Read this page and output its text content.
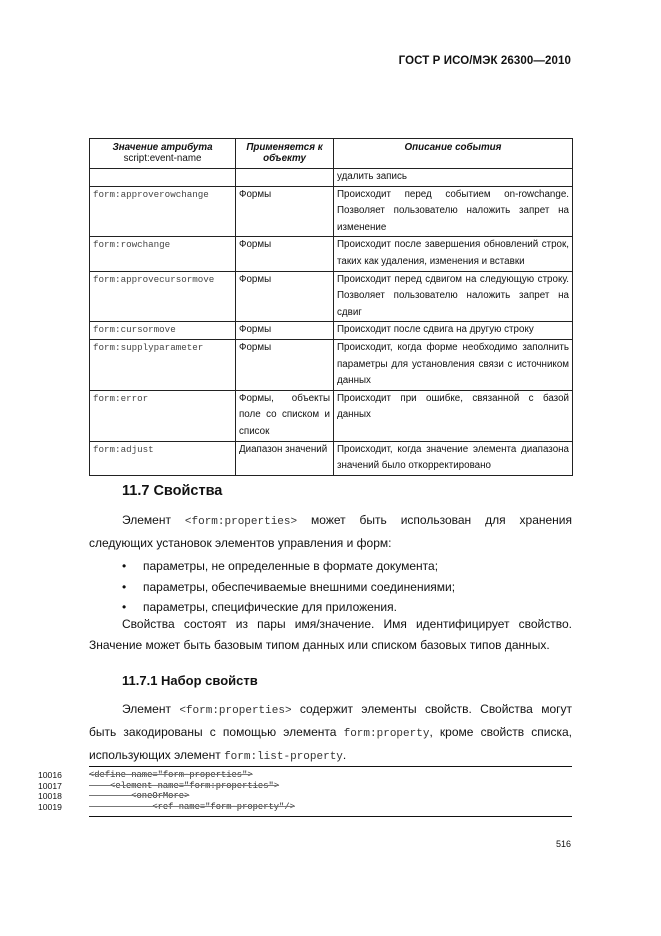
ГОСТ Р ИСО/МЭК 26300—2010
Значение атрибута
script:event-name	Применяется к объекту	Описание события

		удалить запись
form:approverowchange	Формы	Происходит перед событием on-rowchange. Позволяет пользователю наложить запрет на изменение
form:rowchange	Формы	Происходит после завершения обновлений строк, таких как удаления, изменения и вставки
form:approvecursormove	Формы	Происходит перед сдвигом на следующую строку. Позволяет пользователю наложить запрет на сдвиг
form:cursormove	Формы	Происходит после сдвига на другую строку
form:supplyparameter	Формы	Происходит, когда форме необходимо заполнить параметры для установления связи с источником данных
form:error	Формы, объекты поле со списком и список	Происходит при ошибке, связанной с базой данных
form:adjust	Диапазон значений	Происходит, когда значение элемента диапазона значений было откорректировано
11.7 Свойства
Элемент <form:properties> может быть использован для хранения
следующих установок элементов управления и форм:
• параметры, не определенные в формате документа;
• параметры, обеспечиваемые внешними соединениями;
• параметры, специфические для приложения.
Свойства состоят из пары имя/значение. Имя идентифицирует свойство.
Значение может быть базовым типом данных или списком базовых типов данных.
11.7.1 Набор свойств
Элемент <form:properties> содержит элементы свойств. Свойства могут
быть закодированы с помощью элемента form:property, кроме свойств списка,
использующих элемент form:list-property.
10016	<define name="form-properties">
10017	<element name="form:properties">
10018	<oneOrMore>
10019	<ref name="form-property"/>
516
